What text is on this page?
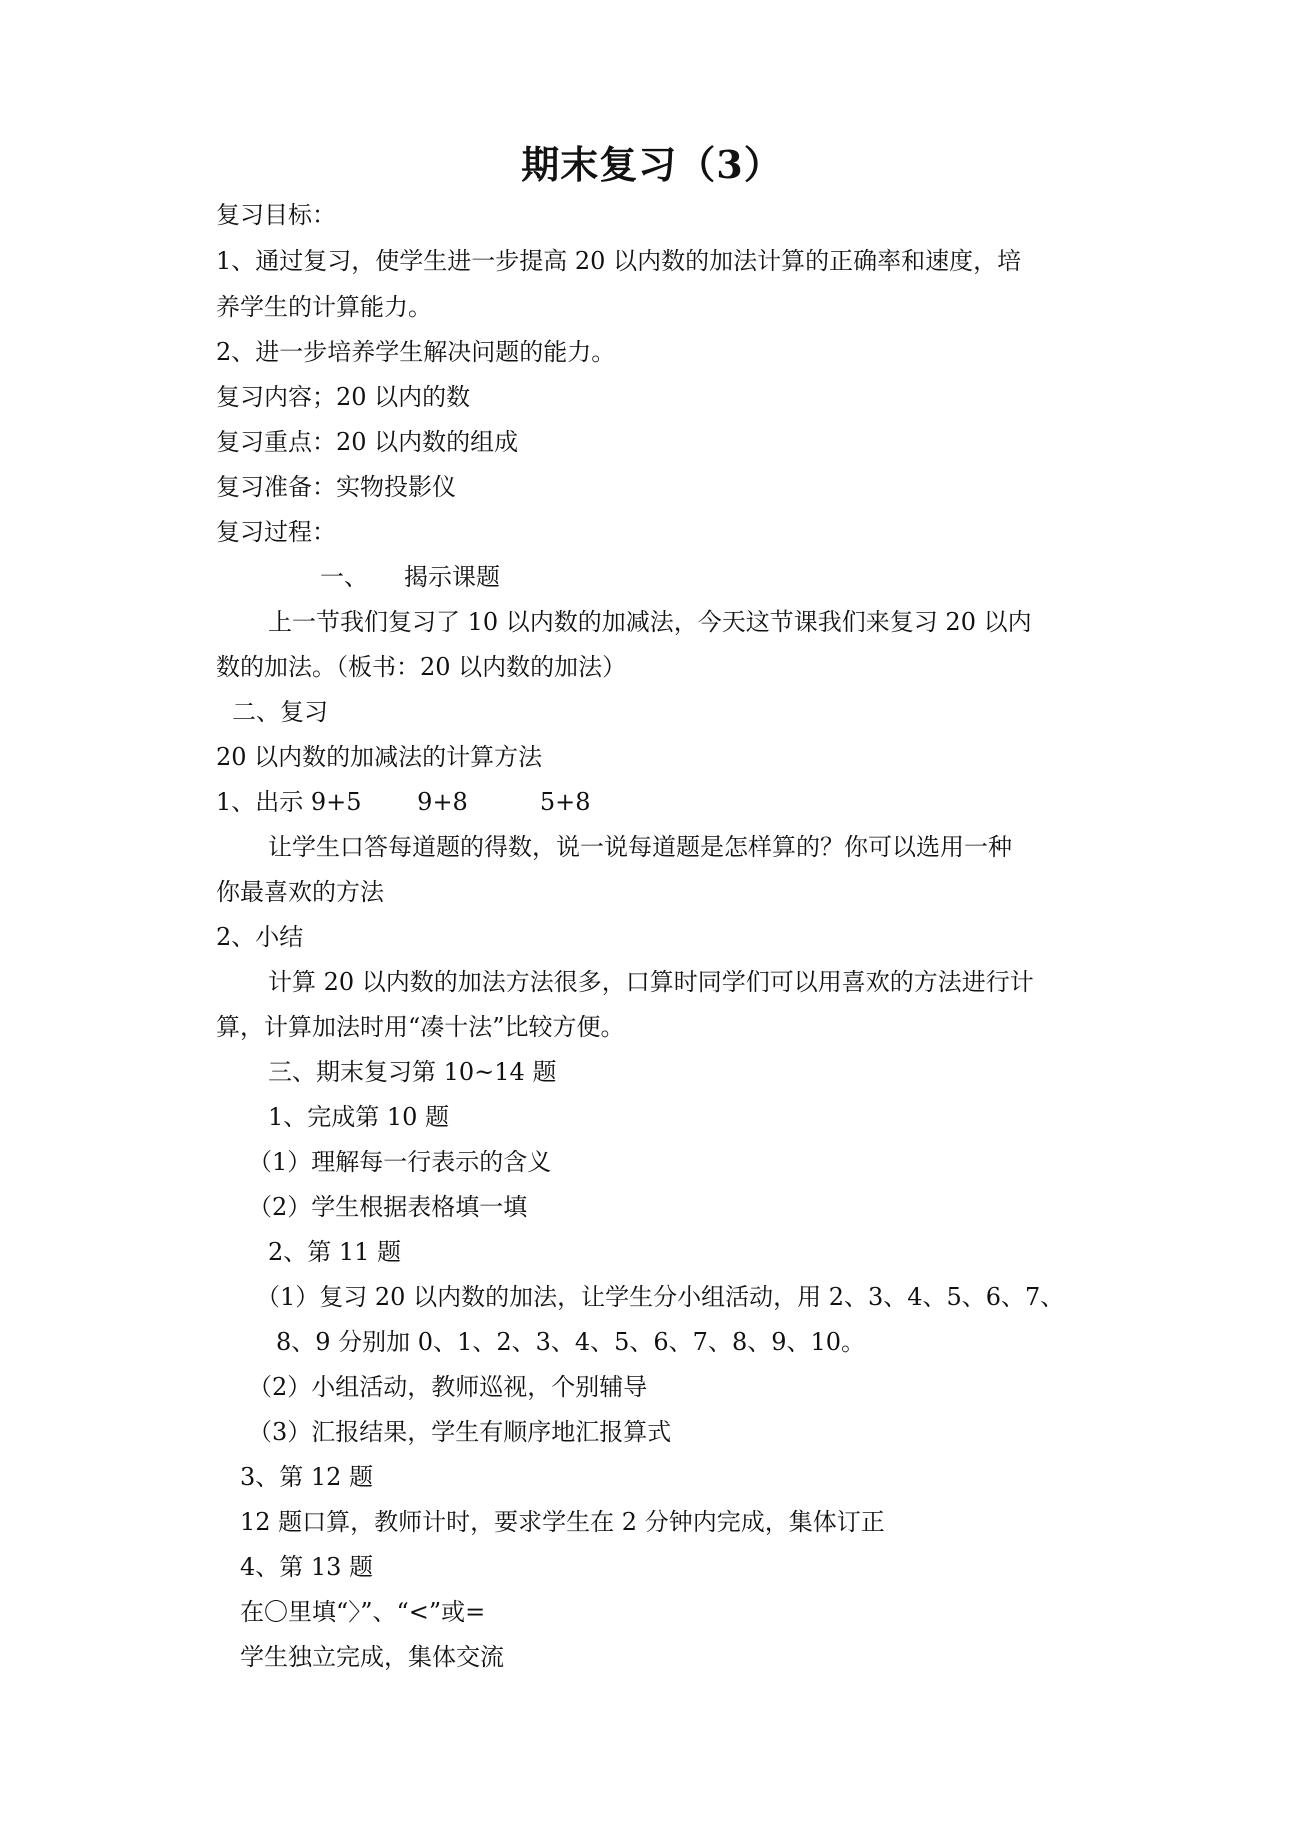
期末复习（3）
复习目标：
1、通过复习，使学生进一步提高 20 以内数的加法计算的正确率和速度，培
养学生的计算能力。
2、进一步培养学生解决问题的能力。
复习内容；20 以内的数
复习重点：20 以内数的组成
复习准备：实物投影仪
复习过程：
一、　　揭示课题
上一节我们复习了 10 以内数的加减法，今天这节课我们来复习 20 以内
数的加法。（板书：20 以内数的加法）
二、复习
20 以内数的加减法的计算方法
1、出示 9+5　　 9+8　　　5+8
让学生口答每道题的得数，说一说每道题是怎样算的？你可以选用一种
你最喜欢的方法
2、小结
计算 20 以内数的加法方法很多，口算时同学们可以用喜欢的方法进行计
算，计算加法时用“凑十法”比较方便。
三、期末复习第 10~14 题
1、完成第 10 题
（1）理解每一行表示的含义
（2）学生根据表格填一填
2、第 11 题
（1）复习 20 以内数的加法，让学生分小组活动，用 2、3、4、5、6、7、
8、9 分别加 0、1、2、3、4、5、6、7、8、9、10。
（2）小组活动，教师巡视，个别辅导
（3）汇报结果，学生有顺序地汇报算式
3、第 12 题
12 题口算，教师计时，要求学生在 2 分钟内完成，集体订正
4、第 13 题
在〇里填“〉”、“<”或=
学生独立完成，集体交流
